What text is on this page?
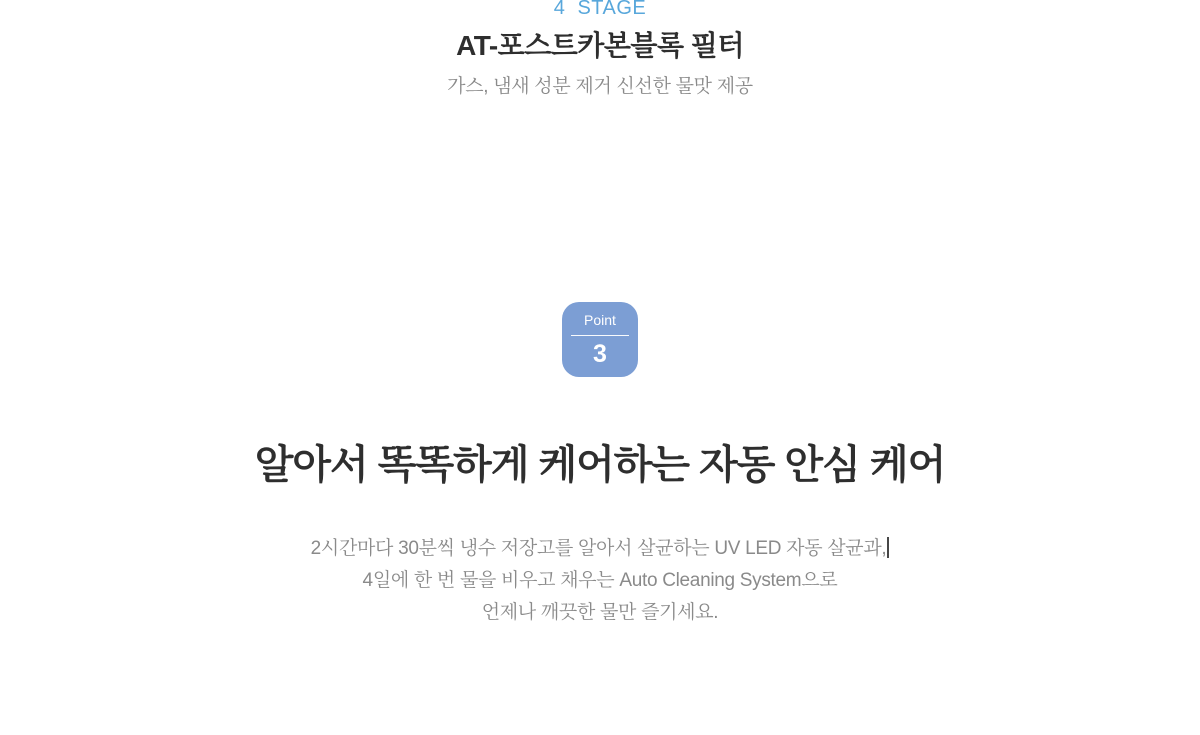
4  STAGE
AT-포스트카본블록 필터

가스, 냄새 성분 제거 신선한 물맛 제공

Point
3
알아서 똑똑하게 케어하는 자동 안심 케어
2시간마다 30분씩 냉수 저장고를 알아서 살균하는 UV LED 자동 살균과,
4일에 한 번 물을 비우고 채우는 Auto Cleaning System으로
언제나 깨끗한 물만 즐기세요.
